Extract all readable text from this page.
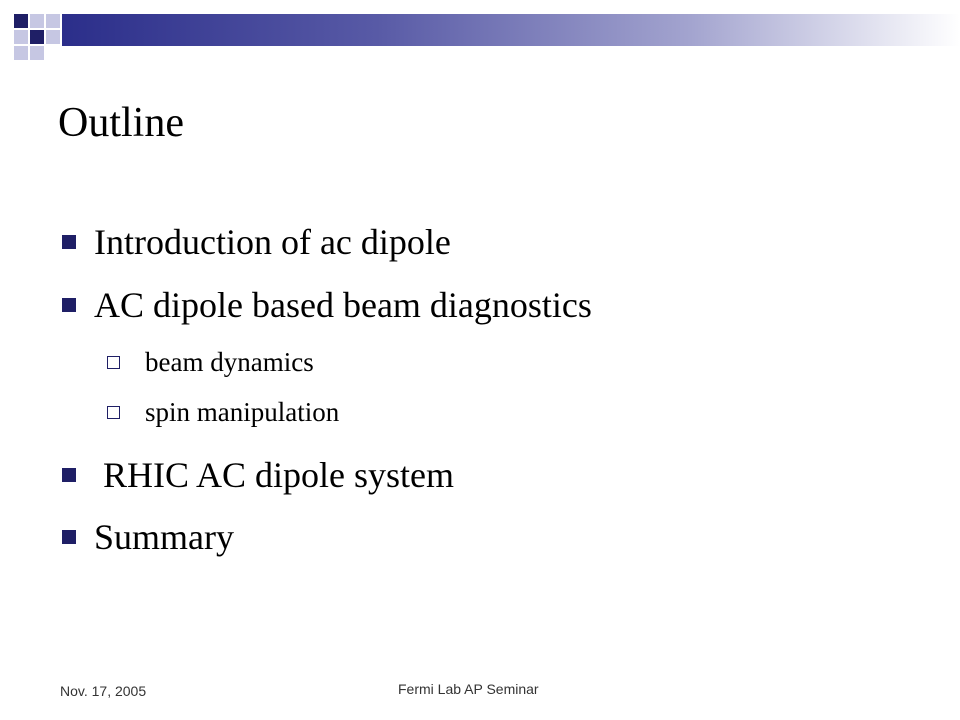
Outline
Introduction of ac dipole
AC dipole based beam diagnostics
beam dynamics
spin manipulation
RHIC AC dipole system
Summary
Nov. 17, 2005	Fermi Lab AP Seminar
